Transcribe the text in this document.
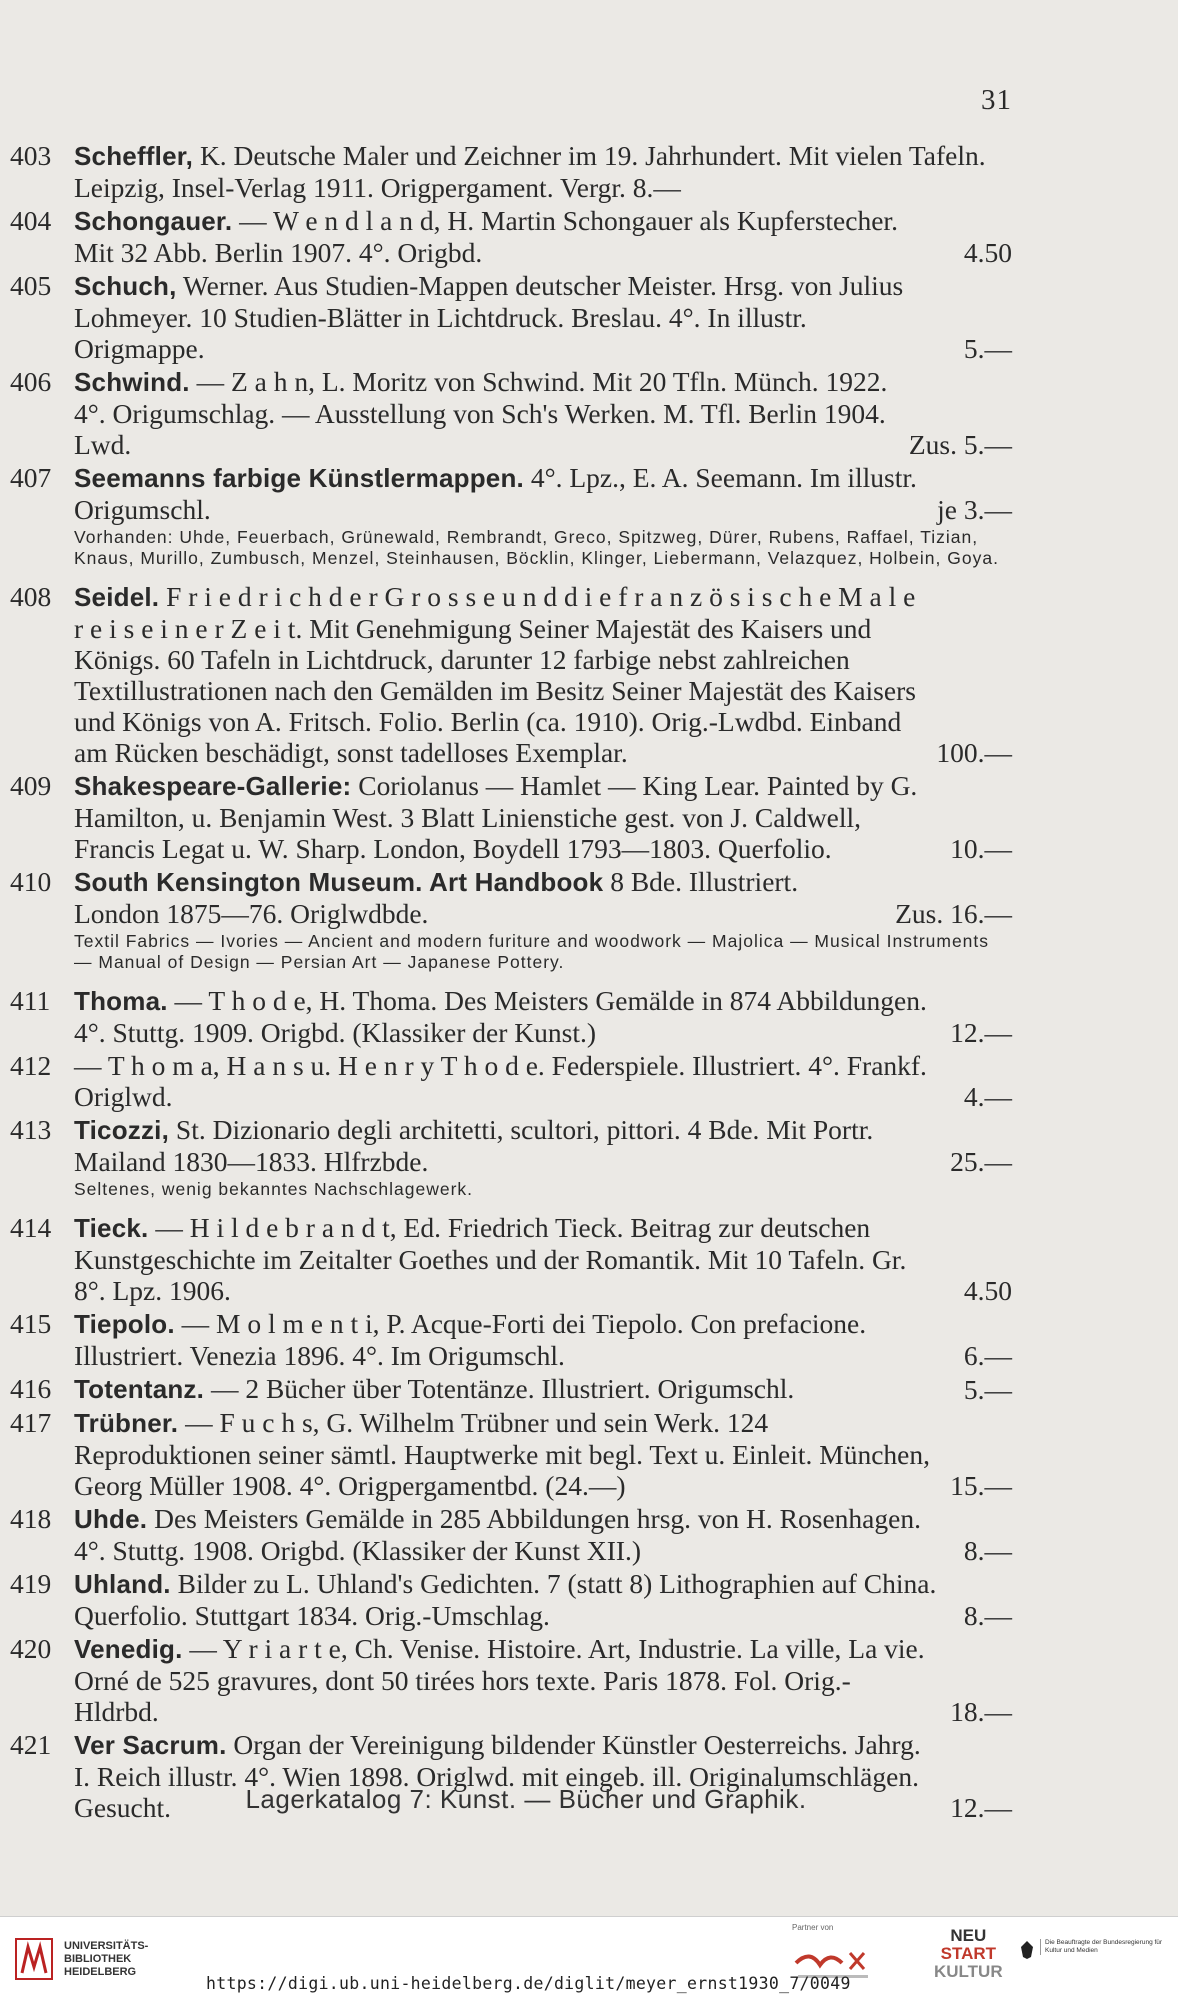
31
403 Scheffler, K. Deutsche Maler und Zeichner im 19. Jahrhundert. Mit vielen Tafeln. Leipzig, Insel-Verlag 1911. Origpergament. Vergr. 8.—
404 Schongauer. — W e n d l a n d, H. Martin Schongauer als Kupferstecher. Mit 32 Abb. Berlin 1907. 4°. Origbd.	4.50
405 Schuch, Werner. Aus Studien-Mappen deutscher Meister. Hrsg. von Julius Lohmeyer. 10 Studien-Blätter in Lichtdruck. Breslau. 4°. In illustr. Origmappe.	5.—
406 Schwind. — Z a h n, L. Moritz von Schwind. Mit 20 Tfln. Münch. 1922. 4°. Origumschlag. — Ausstellung von Sch's Werken. M. Tfl. Berlin 1904. Lwd.	Zus. 5.—
407 Seemanns farbige Künstlermappen. 4°. Lpz., E. A. Seemann. Im illustr. Origumschl.	je 3.—
Vorhanden: Uhde, Feuerbach, Grünewald, Rembrandt, Greco, Spitzweg, Dürer, Rubens, Raffael, Tizian, Knaus, Murillo, Zumbusch, Menzel, Steinhausen, Böcklin, Klinger, Liebermann, Velazquez, Holbein, Goya.
408 Seidel. F r i e d r i c h d e r G r o s s e u n d d i e f r a n z ö s i s c h e M a l e r e i s e i n e r Z e i t. Mit Genehmigung Seiner Majestät des Kaisers und Königs. 60 Tafeln in Lichtdruck, darunter 12 farbige nebst zahlreichen Textillustrationen nach den Gemälden im Besitz Seiner Majestät des Kaisers und Königs von A. Fritsch. Folio. Berlin (ca. 1910). Orig.-Lwdbd. Einband am Rücken beschädigt, sonst tadelloses Exemplar.	100.—
409 Shakespeare-Gallerie: Coriolanus — Hamlet — King Lear. Painted by G. Hamilton, u. Benjamin West. 3 Blatt Linienstiche gest. von J. Caldwell, Francis Legat u. W. Sharp. London, Boydell 1793—1803. Querfolio.	10.—
410 South Kensington Museum. Art Handbook 8 Bde. Illustriert. London 1875—76. Origlwdbde.	Zus. 16.—
Textil Fabrics — Ivories — Ancient and modern furiture and woodwork — Majolica — Musical Instruments — Manual of Design — Persian Art — Japanese Pottery.
411 Thoma. — T h o d e, H. Thoma. Des Meisters Gemälde in 874 Abbildungen. 4°. Stuttg. 1909. Origbd. (Klassiker der Kunst.)	12.—
412 — T h o m a, H a n s u. H e n r y T h o d e. Federspiele. Illustriert. 4°. Frankf. Origlwd.	4.—
413 Ticozzi, St. Dizionario degli architetti, scultori, pittori. 4 Bde. Mit Portr. Mailand 1830—1833. Hlfrzbde.	25.—
Seltenes, wenig bekanntes Nachschlagewerk.
414 Tieck. — H i l d e b r a n d t, Ed. Friedrich Tieck. Beitrag zur deutschen Kunstgeschichte im Zeitalter Goethes und der Romantik. Mit 10 Tafeln. Gr. 8°. Lpz. 1906.	4.50
415 Tiepolo. — M o l m e n t i, P. Acque-Forti dei Tiepolo. Con prefacione. Illustriert. Venezia 1896. 4°. Im Origumschl.	6.—
416 Totentanz. — 2 Bücher über Totentänze. Illustriert. Origumschl.	5.—
417 Trübner. — F u c h s, G. Wilhelm Trübner und sein Werk. 124 Reproduktionen seiner sämtl. Hauptwerke mit begl. Text u. Einleit. München, Georg Müller 1908. 4°. Origpergamentbd. (24.—)	15.—
418 Uhde. Des Meisters Gemälde in 285 Abbildungen hrsg. von H. Rosenhagen. 4°. Stuttg. 1908. Origbd. (Klassiker der Kunst XII.)	8.—
419 Uhland. Bilder zu L. Uhland's Gedichten. 7 (statt 8) Lithographien auf China. Querfolio. Stuttgart 1834. Orig.-Umschlag.	8.—
420 Venedig. — Y r i a r t e, Ch. Venise. Histoire. Art, Industrie. La ville, La vie. Orné de 525 gravures, dont 50 tirées hors texte. Paris 1878. Fol. Orig.-Hldrbd.	18.—
421 Ver Sacrum. Organ der Vereinigung bildender Künstler Oesterreichs. Jahrg. I. Reich illustr. 4°. Wien 1898. Origlwd. mit eingeb. ill. Originalumschlägen. Gesucht.	12.—
Lagerkatalog 7: Kunst. — Bücher und Graphik.
UNIVERSITÄTS-
BIBLIOTHEK
HEIDELBERG
Partner von	NEU
START
KULTUR
Die Beauftragte der Bundesregierung für Kultur und Medien
https://digi.ub.uni-heidelberg.de/diglit/meyer_ernst1930_7/0049
